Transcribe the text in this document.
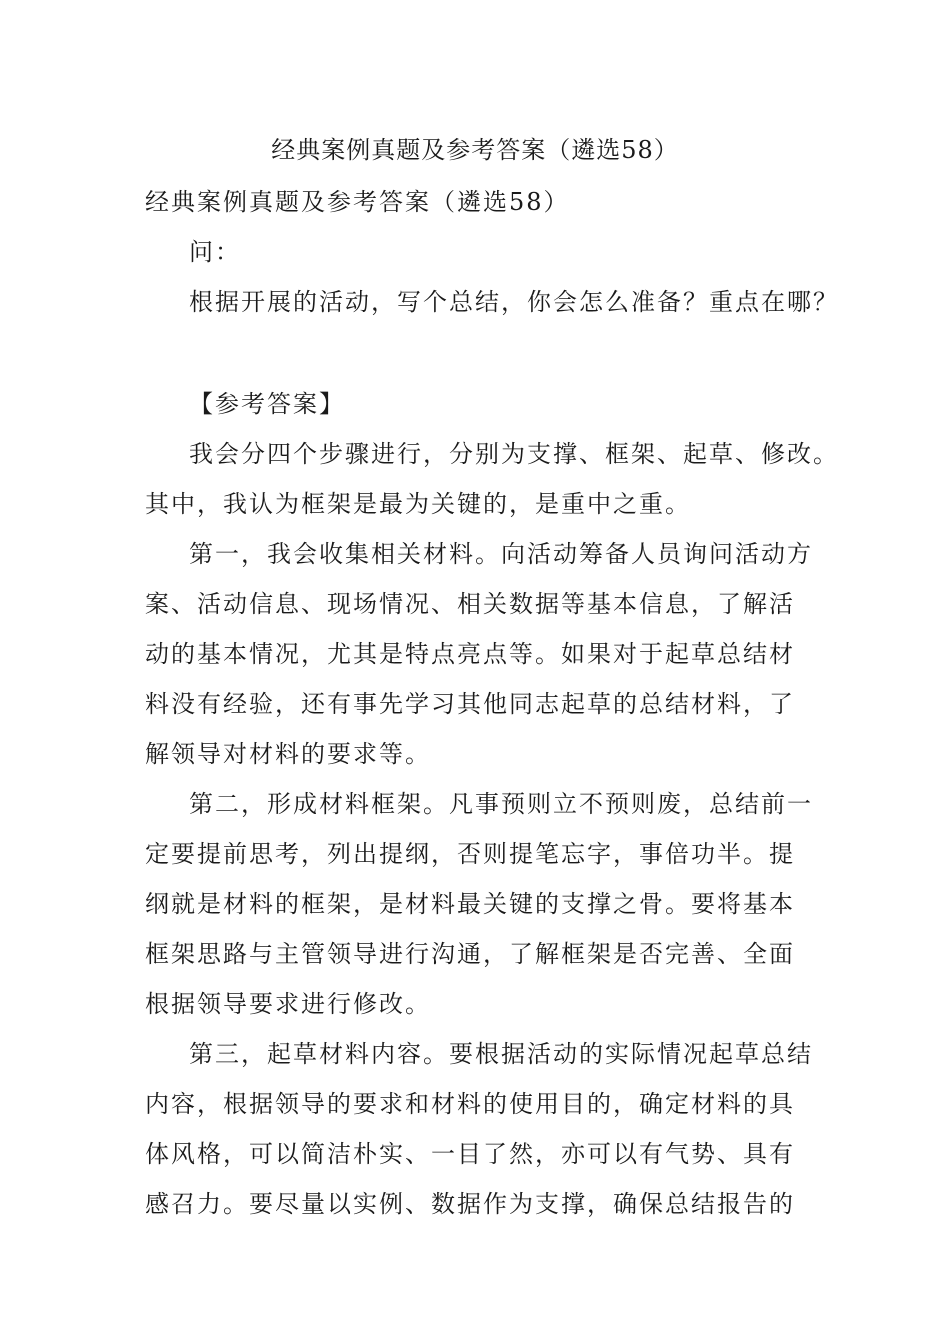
经典案例真题及参考答案（遴选58）

经典案例真题及参考答案（遴选58）

问：

根据开展的活动，写个总结，你会怎么准备？重点在哪？

【参考答案】

我会分四个步骤进行，分别为支撑、框架、起草、修改。

其中，我认为框架是最为关键的，是重中之重。

第一，我会收集相关材料。向活动筹备人员询问活动方

案、活动信息、现场情况、相关数据等基本信息，了解活

动的基本情况，尤其是特点亮点等。如果对于起草总结材

料没有经验，还有事先学习其他同志起草的总结材料，了

解领导对材料的要求等。

第二，形成材料框架。凡事预则立不预则废，总结前一

定要提前思考，列出提纲，否则提笔忘字，事倍功半。提

纲就是材料的框架，是材料最关键的支撑之骨。要将基本

框架思路与主管领导进行沟通，了解框架是否完善、全面

根据领导要求进行修改。

第三，起草材料内容。要根据活动的实际情况起草总结

内容，根据领导的要求和材料的使用目的，确定材料的具

体风格，可以简洁朴实、一目了然，亦可以有气势、具有

感召力。要尽量以实例、数据作为支撑，确保总结报告的
